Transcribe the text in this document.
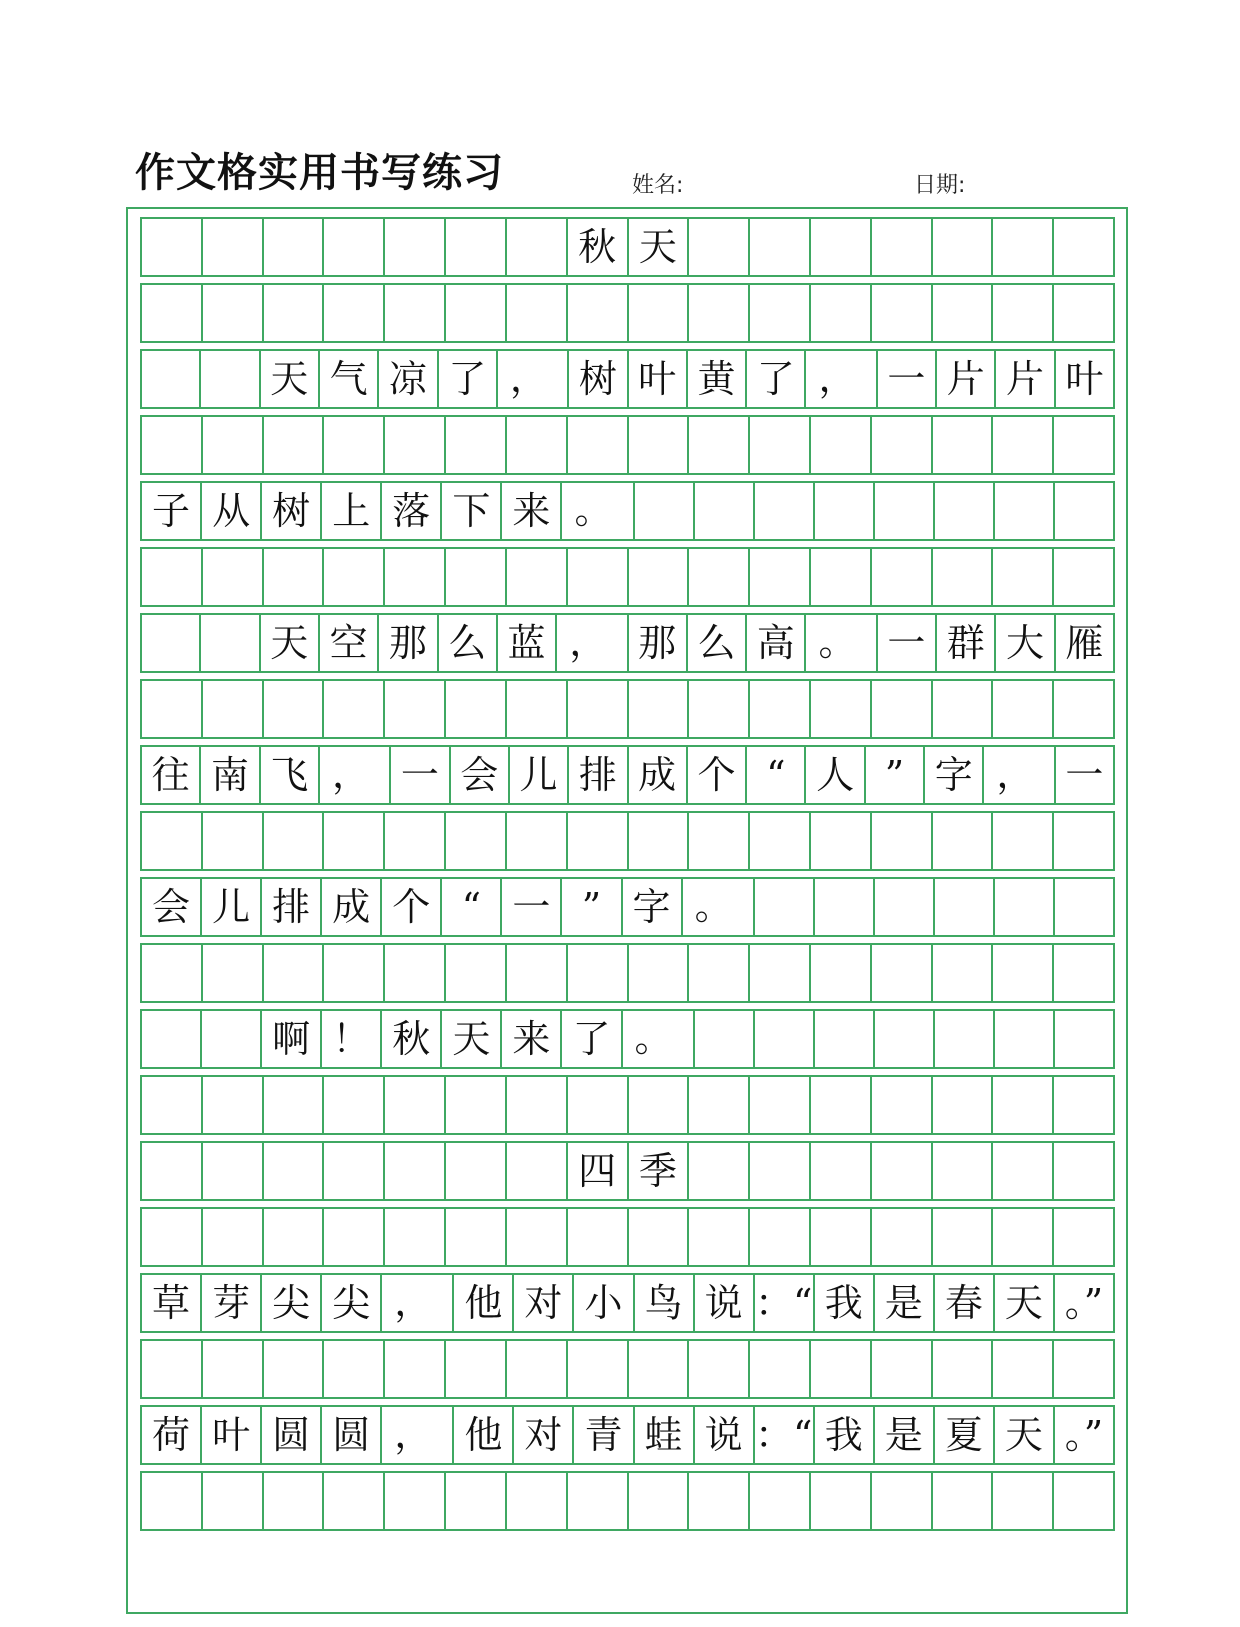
作文格实用书写练习	姓名:	日期:
秋 天
天 气 凉 了 ， 树 叶 黄 了 ， 一 片 片 叶
子 从 树 上 落 下 来 。
天 空 那 么 蓝 ， 那 么 高 。 一 群 大 雁
往 南 飞 ， 一 会 儿 排 成 个 “ 人 ” 字 ， 一
会 儿 排 成 个 “ 一 ” 字 。
啊 ！ 秋 天 来 了 。
四 季
草 芽 尖 尖 ， 他 对 小 鸟 说 ：“ 我 是 春 天 。”
荷 叶 圆 圆 ， 他 对 青 蛙 说 ：“ 我 是 夏 天 。”
